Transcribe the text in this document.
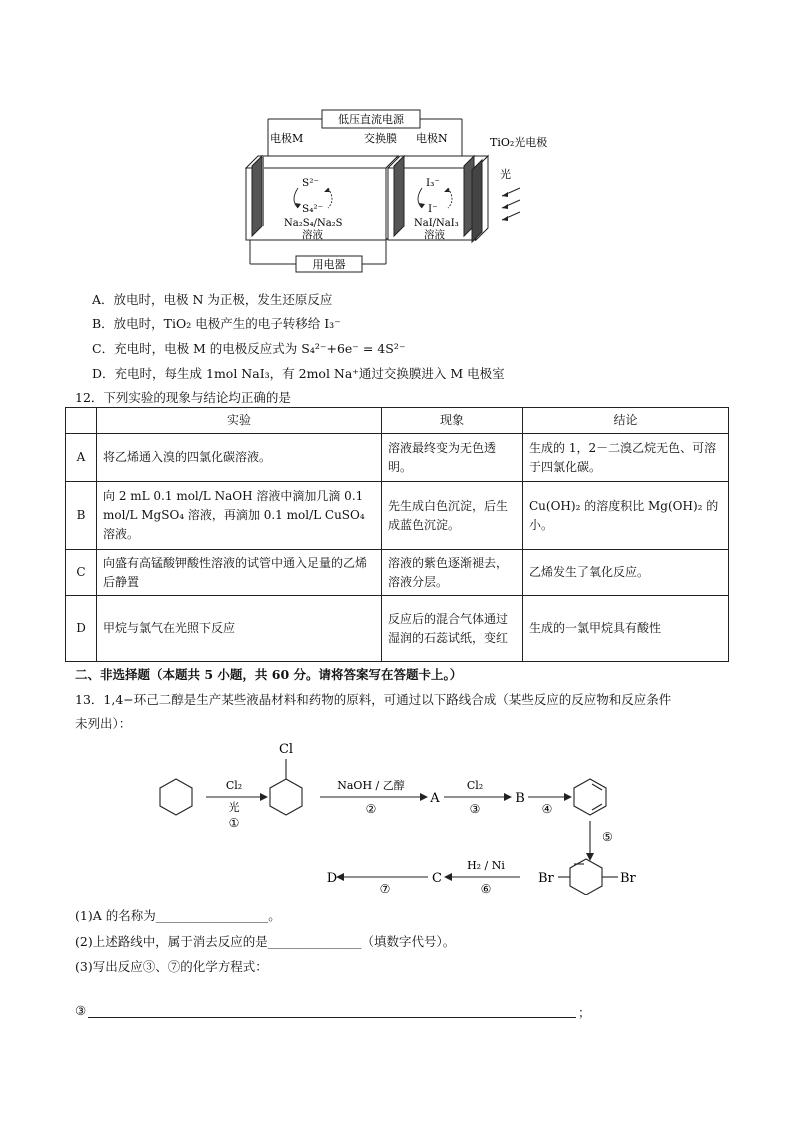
低压直流电源
电极M	交换膜 电极N	TiO₂光电极
S²⁻
S₄²⁻
Na₂S₄/Na₂S
溶液
I₃⁻
I⁻
NaI/NaI₃
溶液
光
用电器
A．放电时，电极 N 为正极，发生还原反应
B．放电时，TiO₂ 电极产生的电子转移给 I₃⁻
C．充电时，电极 M 的电极反应式为 S₄²⁻+6e⁻ = 4S²⁻
D．充电时，每生成 1mol NaI₃，有 2mol Na⁺通过交换膜进入 M 电极室
12．下列实验的现象与结论均正确的是
	实验	现象	结论
A	将乙烯通入溴的四氯化碳溶液。	溶液最终变为无色透明。	生成的 1，2－二溴乙烷无色、可溶于四氯化碳。
B	向 2 mL 0.1 mol/L NaOH 溶液中滴加几滴 0.1 mol/L MgSO₄ 溶液，再滴加 0.1 mol/L CuSO₄ 溶液。	先生成白色沉淀，后生成蓝色沉淀。	Cu(OH)₂ 的溶度积比 Mg(OH)₂ 的小。
C	向盛有高锰酸钾酸性溶液的试管中通入足量的乙烯后静置	溶液的紫色逐渐褪去，溶液分层。	乙烯发生了氧化反应。
D	甲烷与氯气在光照下反应	反应后的混合气体通过湿润的石蕊试纸，变红	生成的一氯甲烷具有酸性
二、非选择题（本题共 5 小题，共 60 分。请将答案写在答题卡上。）
13．1,4−环己二醇是生产某些液晶材料和药物的原料，可通过以下路线合成（某些反应的反应物和反应条件
未列出）：
Cl
Cl₂
光
①
NaOH / 乙醇
②
A
Cl₂
③
B
④
⑤
Br	Br
H₂ / Ni
⑥
C
⑦
D
(1)A 的名称为__________________。
(2)上述路线中，属于消去反应的是_______________（填数字代号）。
(3)写出反应③、⑦的化学方程式：
③	；
